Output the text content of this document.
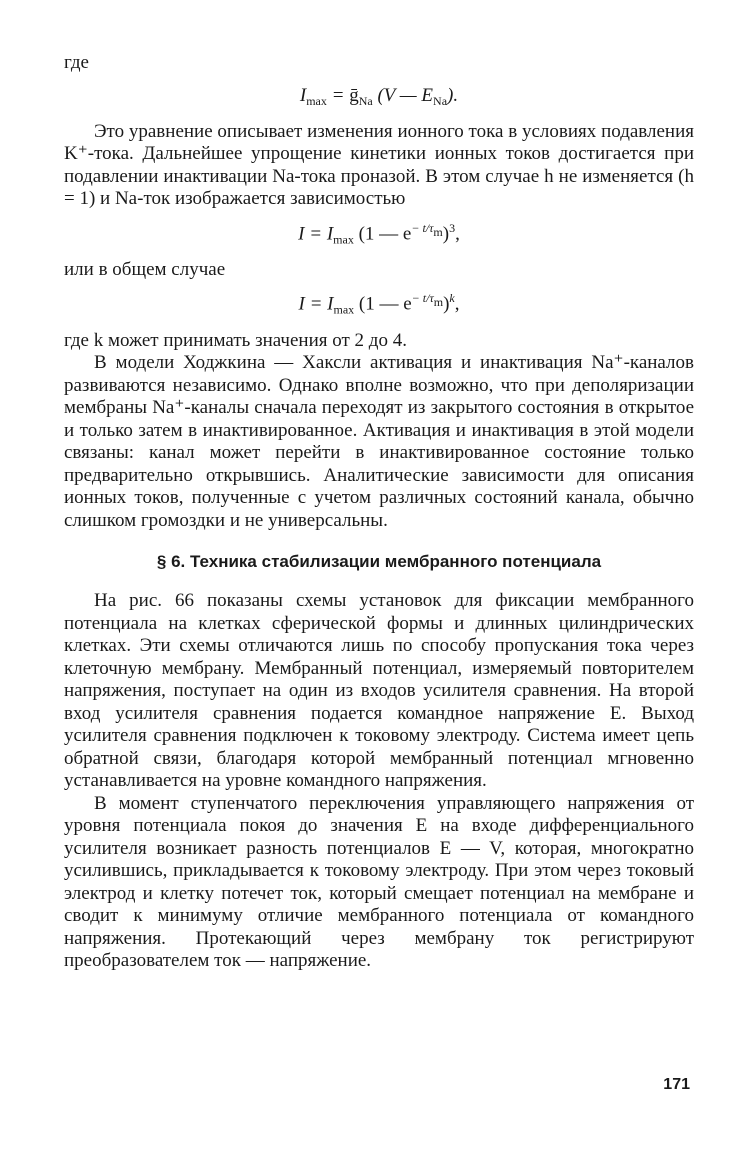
где

$I_{max}$ = ḡ$_{Na}$ (V — $E_{Na}$).

Это уравнение описывает изменения ионного тока в условиях подавления K⁺-тока. Дальнейшее упрощение кинетики ионных токов достигается при подавлении инактивации Na-тока проназой. В этом случае h не изменяется (h = 1) и Na-ток изображается зависимостью

$I = I_{max}$ (1 — $e^{- t/\tau_m})^3$,

или в общем случае

$I = I_{max}$ (1 — $e^{- t/\tau_m})^k$,

где k может принимать значения от 2 до 4.

В модели Ходжкина — Хаксли активация и инактивация Na⁺-каналов развиваются независимо. Однако вполне возможно, что при деполяризации мембраны Na⁺-каналы сначала переходят из закрытого состояния в открытое и только затем в инактивированное. Активация и инактивация в этой модели связаны: канал может перейти в инактивированное состояние только предварительно открывшись. Аналитические зависимости для описания ионных токов, полученные с учетом различных состояний канала, обычно слишком громоздки и не универсальны.

§ 6. Техника стабилизации мембранного потенциала

На рис. 66 показаны схемы установок для фиксации мембранного потенциала на клетках сферической формы и длинных цилиндрических клетках. Эти схемы отличаются лишь по способу пропускания тока через клеточную мембрану. Мембранный потенциал, измеряемый повторителем напряжения, поступает на один из входов усилителя сравнения. На второй вход усилителя сравнения подается командное напряжение E. Выход усилителя сравнения подключен к токовому электроду. Система имеет цепь обратной связи, благодаря которой мембранный потенциал мгновенно устанавливается на уровне командного напряжения.

В момент ступенчатого переключения управляющего напряжения от уровня потенциала покоя до значения E на входе дифференциального усилителя возникает разность потенциалов E — V, которая, многократно усилившись, прикладывается к токовому электроду. При этом через токовый электрод и клетку потечет ток, который смещает потенциал на мембране и сводит к минимуму отличие мембранного потенциала от командного напряжения. Протекающий через мембрану ток регистрируют преобразователем ток — напряжение.

171
